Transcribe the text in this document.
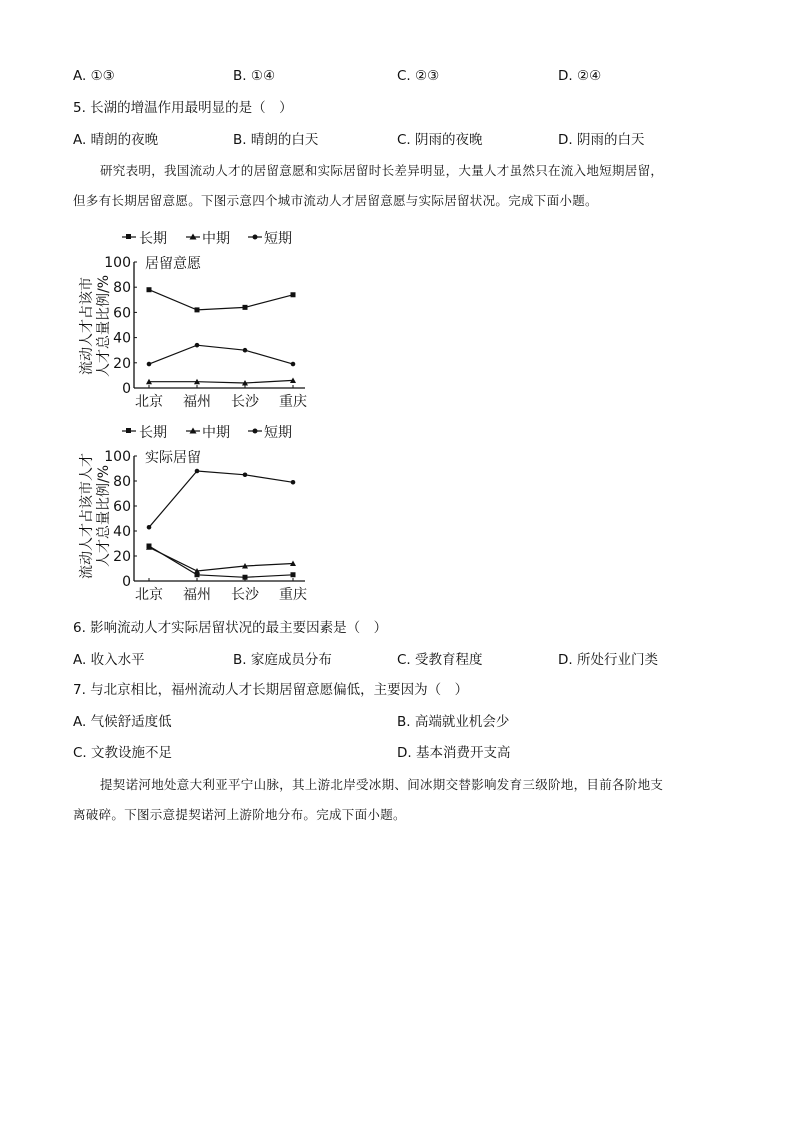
A. ①③	B. ①④	C. ②③	D. ②④
5. 长湖的增温作用最明显的是（　）
A. 晴朗的夜晚	B. 晴朗的白天	C. 阴雨的夜晚	D. 阴雨的白天
研究表明，我国流动人才的居留意愿和实际居留时长差异明显，大量人才虽然只在流入地短期居留，
但多有长期居留意愿。下图示意四个城市流动人才居留意愿与实际居留状况。完成下面小题。
长期	中期 短期
居留意愿
0
20
40
60
80
100
北京 福州 长沙 重庆
流动人才占该市 人才总量比例/%
长期	中期 短期
实际居留
0
20
40
60
80
100
北京 福州 长沙 重庆
流动人才占该市人才 人才总量比例/%
6. 影响流动人才实际居留状况的最主要因素是（　）
A. 收入水平	B. 家庭成员分布	C. 受教育程度	D. 所处行业门类
7. 与北京相比，福州流动人才长期居留意愿偏低，主要因为（　）
A. 气候舒适度低	B. 高端就业机会少
C. 文教设施不足	D. 基本消费开支高
提契诺河地处意大利亚平宁山脉，其上游北岸受冰期、间冰期交替影响发育三级阶地，目前各阶地支
离破碎。下图示意提契诺河上游阶地分布。完成下面小题。
